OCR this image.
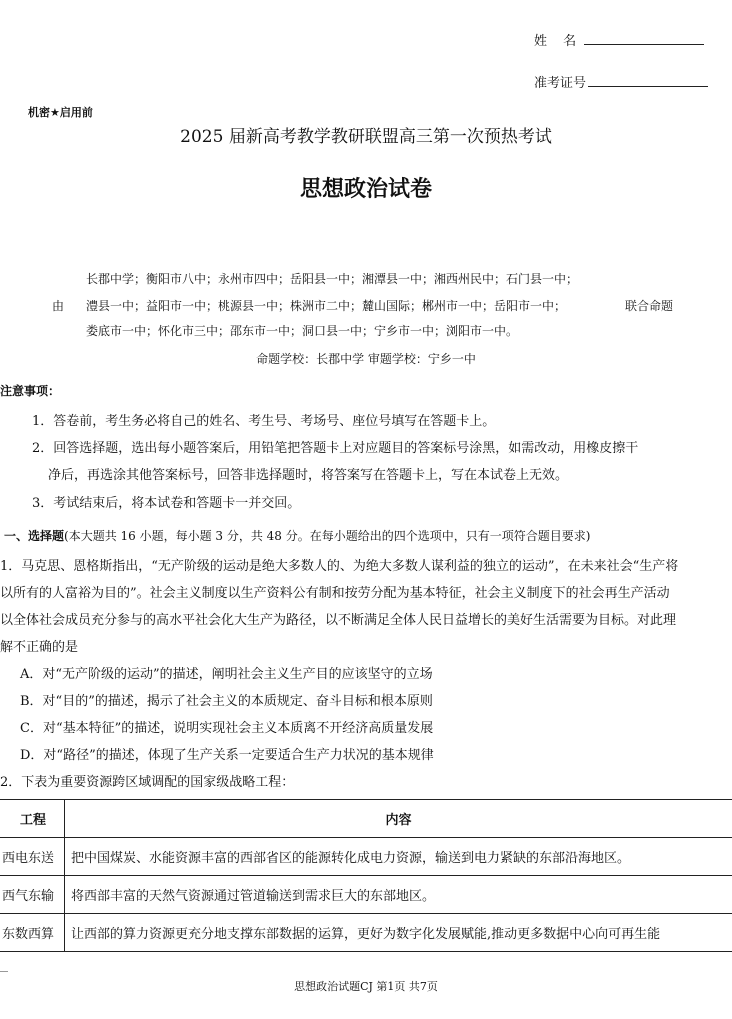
姓 名
准考证号
机密★启用前
2025 届新高考教学教研联盟高三第一次预热考试
思想政治试卷
长郡中学；衡阳市八中；永州市四中；岳阳县一中；湘潭县一中；湘西州民中；石门县一中；
由 澧县一中；益阳市一中；桃源县一中；株洲市二中；麓山国际；郴州市一中；岳阳市一中；	联合命题
娄底市一中；怀化市三中；邵东市一中；洞口县一中；宁乡市一中；浏阳市一中。
命题学校：长郡中学 审题学校：宁乡一中
注意事项：
1．答卷前，考生务必将自己的姓名、考生号、考场号、座位号填写在答题卡上。
2．回答选择题，选出每小题答案后，用铅笔把答题卡上对应题目的答案标号涂黑，如需改动，用橡皮擦干
净后，再选涂其他答案标号，回答非选择题时，将答案写在答题卡上，写在本试卷上无效。
3．考试结束后，将本试卷和答题卡一并交回。
一、选择题(本大题共 16 小题，每小题 3 分，共 48 分。在每小题给出的四个选项中，只有一项符合题目要求)
1．马克思、恩格斯指出，“无产阶级的运动是绝大多数人的、为绝大多数人谋利益的独立的运动”，在未来社会“生产将
以所有的人富裕为目的”。社会主义制度以生产资料公有制和按劳分配为基本特征，社会主义制度下的社会再生产活动
以全体社会成员充分参与的高水平社会化大生产为路径，以不断满足全体人民日益增长的美好生活需要为目标。对此理
解不正确的是
A．对“无产阶级的运动”的描述，阐明社会主义生产目的应该坚守的立场
B．对“目的”的描述，揭示了社会主义的本质规定、奋斗目标和根本原则
C．对“基本特征”的描述，说明实现社会主义本质离不开经济高质量发展
D．对“路径”的描述，体现了生产关系一定要适合生产力状况的基本规律
2．下表为重要资源跨区域调配的国家级战略工程：
工程	内容
西电东送	把中国煤炭、水能资源丰富的西部省区的能源转化成电力资源，输送到电力紧缺的东部沿海地区。
西气东输	将西部丰富的天然气资源通过管道输送到需求巨大的东部地区。
东数西算	让西部的算力资源更充分地支撑东部数据的运算，更好为数字化发展赋能,推动更多数据中心向可再生能
思想政治试题CJ 第1页 共7页
